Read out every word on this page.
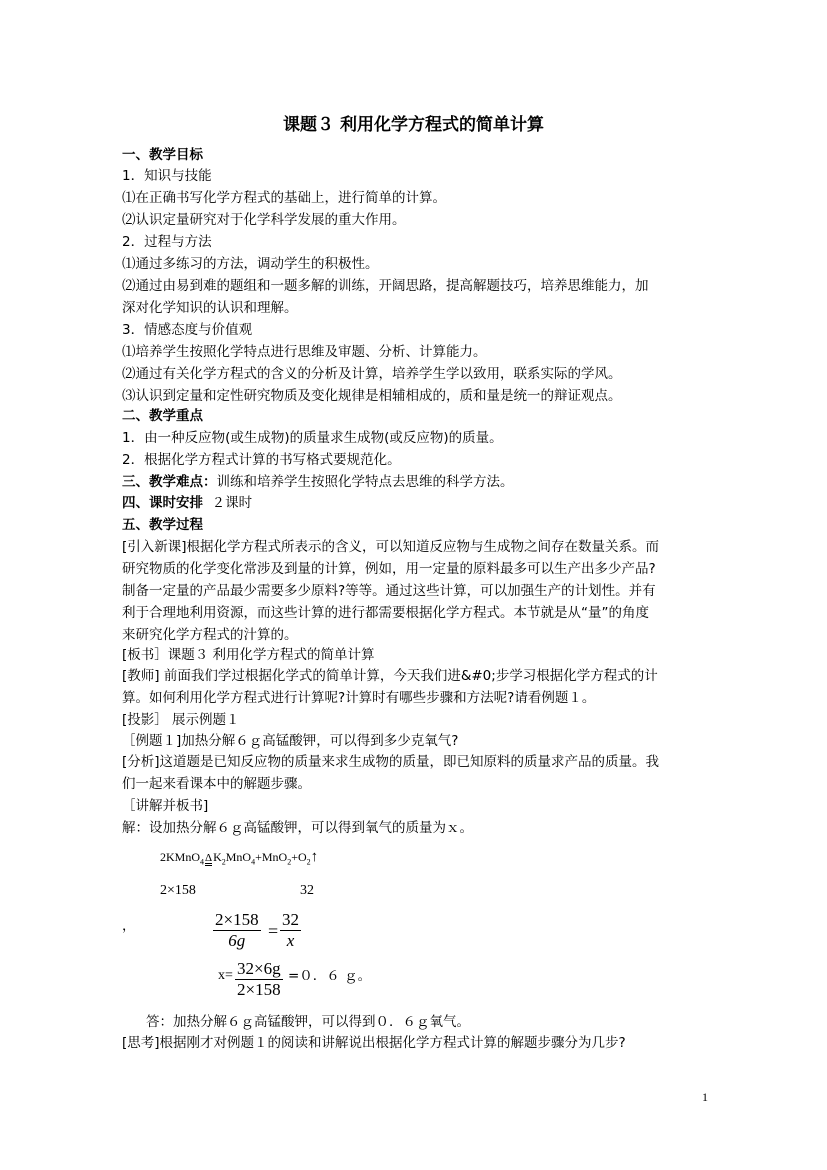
课题３ 利用化学方程式的简单计算
一、教学目标
1．知识与技能
⑴在正确书写化学方程式的基础上，进行简单的计算。
⑵认识定量研究对于化学科学发展的重大作用。
2．过程与方法
⑴通过多练习的方法，调动学生的积极性。
⑵通过由易到难的题组和一题多解的训练，开阔思路，提高解题技巧，培养思维能力，加
深对化学知识的认识和理解。
3．情感态度与价值观
⑴培养学生按照化学特点进行思维及审题、分析、计算能力。
⑵通过有关化学方程式的含义的分析及计算，培养学生学以致用，联系实际的学风。
⑶认识到定量和定性研究物质及变化规律是相辅相成的，质和量是统一的辩证观点。
二、教学重点
1．由一种反应物(或生成物)的质量求生成物(或反应物)的质量。
2．根据化学方程式计算的书写格式要规范化。
三、教学难点：训练和培养学生按照化学特点去思维的科学方法。
四、课时安排 ２课时
五、教学过程
[引入新课]根据化学方程式所表示的含义，可以知道反应物与生成物之间存在数量关系。而
研究物质的化学变化常涉及到量的计算，例如，用一定量的原料最多可以生产出多少产品?
制备一定量的产品最少需要多少原料?等等。通过这些计算，可以加强生产的计划性。并有
利于合理地利用资源，而这些计算的进行都需要根据化学方程式。本节就是从“量”的角度
来研究化学方程式的汁算的。
[板书］课题３ 利用化学方程式的简单计算
[教师] 前面我们学过根据化学式的简单计算，今天我们进&#0;步学习根据化学方程式的计
算。如何利用化学方程式进行计算呢?计算时有哪些步骤和方法呢?请看例题１。
[投影］ 展示例题１
［例题１]加热分解６ｇ高锰酸钾，可以得到多少克氧气?
[分析]这道题是已知反应物的质量来求生成物的质量，即已知原料的质量求产品的质量。我
们一起来看课本中的解题步骤。
［讲解并板书]
解：设加热分解６ｇ高锰酸钾，可以得到氧气的质量为ｘ。
$2KMnO_4\Delta K_2MnO_4+MnO_2+O_2↑$
2×158	32
，	$\frac{2\times 158}{6g} = \frac{32}{x}$
$x= \frac{32\times 6g}{2\times 158} =0$．６ ｇ。
答：加热分解６ｇ高锰酸钾，可以得到０．６ｇ氧气。
[思考]根据刚才对例题１的阅读和讲解说出根据化学方程式计算的解题步骤分为几步?
1
